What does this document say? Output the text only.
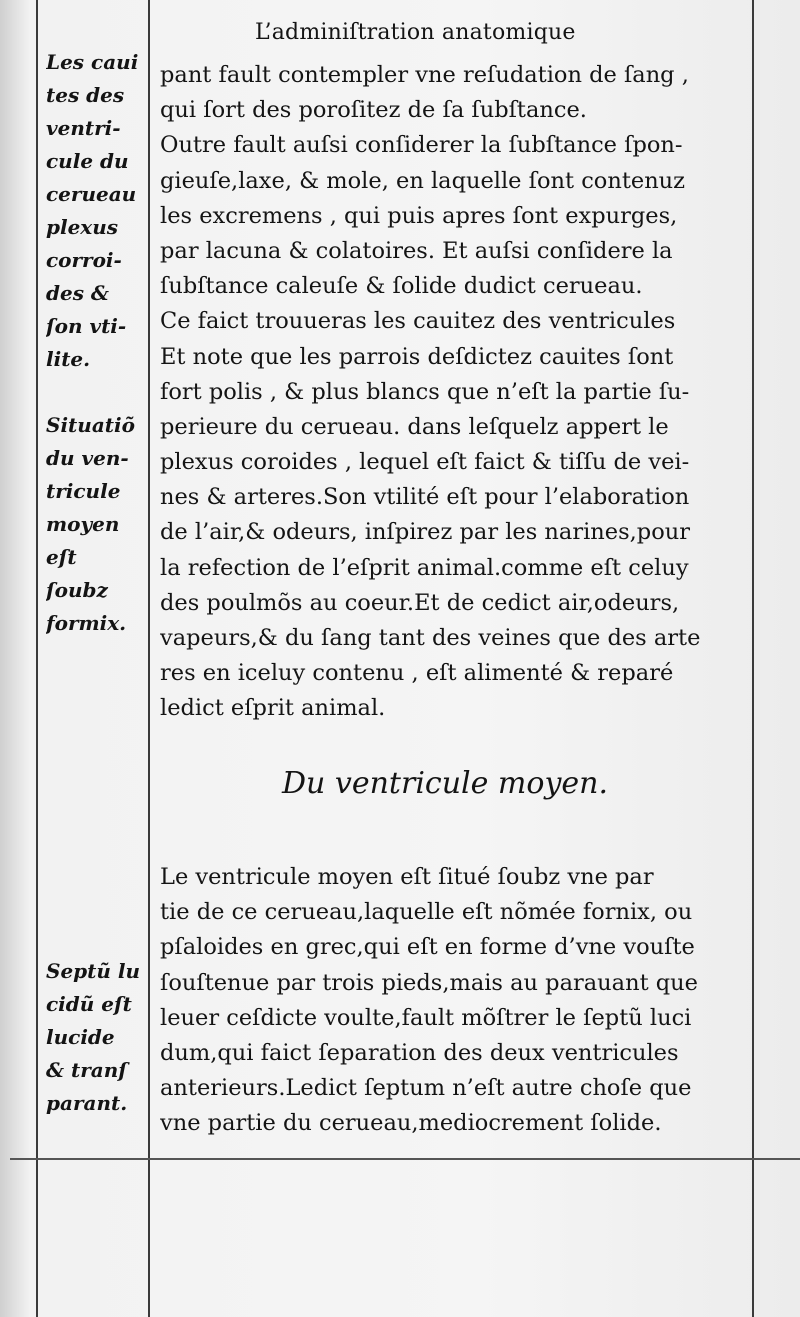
L’adminiſtration anatomique
pant fault contempler vne reſudation de ſang ,
qui ſort des poroſitez de ſa ſubſtance.
Outre fault auſsi conſiderer la ſubſtance ſpon-
gieuſe,laxe, & mole, en laquelle ſont contenuz
les excremens , qui puis apres ſont expurges,
par lacuna & colatoires. Et auſsi conſidere la
ſubſtance caleuſe & ſolide dudict cerueau.
Ce faict trouueras les cauitez des ventricules
Et note que les parrois deſdictez cauites ſont
fort polis , & plus blancs que n’eſt la partie ſu-
perieure du cerueau. dans leſquelz appert le
plexus coroides , lequel eſt faict & tiſſu de vei-
nes & arteres.Son vtilité eſt pour l’elaboration
de l’air,& odeurs, inſpirez par les narines,pour
la refection de l’eſprit animal.comme eſt celuy
des poulmõs au coeur.Et de cedict air,odeurs,
vapeurs,& du ſang tant des veines que des arte
res en iceluy contenu , eſt alimenté & reparé
ledict eſprit animal.
Les caui
tes des
ventri-
cule du
cerueau
plexus
corroi-
des &
ſon vti-
lite.
Situatiõ
du ven-
tricule
moyen
eſt
ſoubz
formix.
Du ventricule moyen.
Le ventricule moyen eſt ſitué ſoubz vne par
tie de ce cerueau,laquelle eſt nõmée fornix, ou
pſaloides en grec,qui eſt en forme d’vne vouſte
ſouſtenue par trois pieds,mais au parauant que
leuer ceſdicte voulte,fault mõſtrer le ſeptũ luci
dum,qui faict ſeparation des deux ventricules
anterieurs.Ledict ſeptum n’eſt autre choſe que
vne partie du cerueau,mediocrement ſolide.
Septũ lu
cidũ eſt
lucide
& tranſ
parant.
